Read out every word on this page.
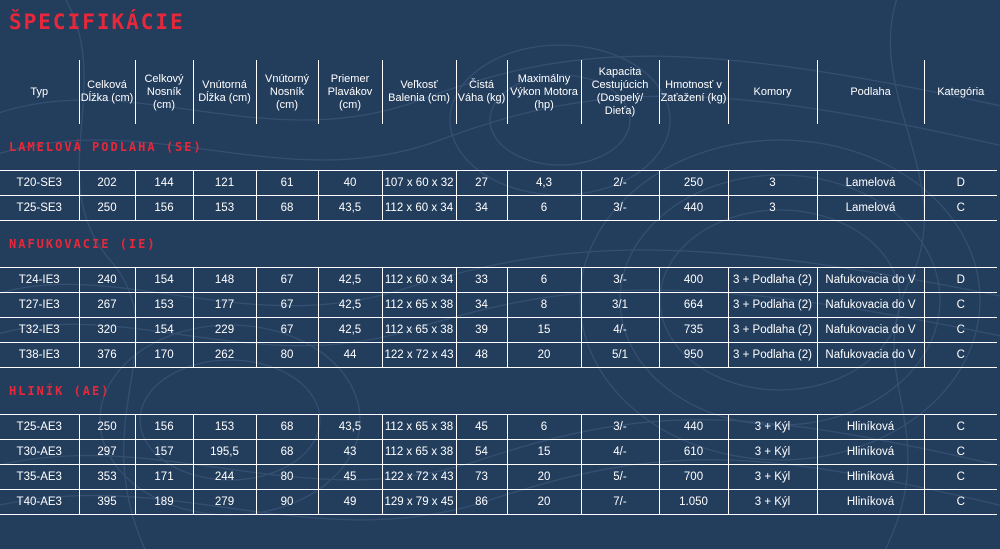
ŠPECIFIKÁCIE
Typ	Celková Dĺžka (cm)	Celkový Nosník (cm)	Vnútorná Dĺžka (cm)	Vnútorný Nosník (cm)	Priemer Plavákov (cm)	Veľkosť Balenia (cm)	Čistá Váha (kg)	Maximálny Výkon Motora (hp)	Kapacita Cestujúcich (Dospelý/ Dieťa)	Hmotnosť v Zaťažení (kg)	Komory	Podlaha	Kategória
LAMELOVÁ PODLAHA (SE)													
T20-SE3	202	144	121	61	40	107 x 60 x 32	27	4,3	2/-	250	3	Lamelová	D
T25-SE3	250	156	153	68	43,5	112 x 60 x 34	34	6	3/-	440	3	Lamelová	C
NAFUKOVACIE (IE)													
T24-IE3	240	154	148	67	42,5	112 x 60 x 34	33	6	3/-	400	3 + Podlaha (2)	Nafukovacia do V	D
T27-IE3	267	153	177	67	42,5	112 x 65 x 38	34	8	3/1	664	3 + Podlaha (2)	Nafukovacia do V	C
T32-IE3	320	154	229	67	42,5	112 x 65 x 38	39	15	4/-	735	3 + Podlaha (2)	Nafukovacia do V	C
T38-IE3	376	170	262	80	44	122 x 72 x 43	48	20	5/1	950	3 + Podlaha (2)	Nafukovacia do V	C
HLINÍK (AE)													
T25-AE3	250	156	153	68	43,5	112 x 65 x 38	45	6	3/-	440	3 + Kýl	Hliníková	C
T30-AE3	297	157	195,5	68	43	112 x 65 x 38	54	15	4/-	610	3 + Kýl	Hliníková	C
T35-AE3	353	171	244	80	45	122 x 72 x 43	73	20	5/-	700	3 + Kýl	Hliníková	C
T40-AE3	395	189	279	90	49	129 x 79 x 45	86	20	7/-	1.050	3 + Kýl	Hliníková	C
